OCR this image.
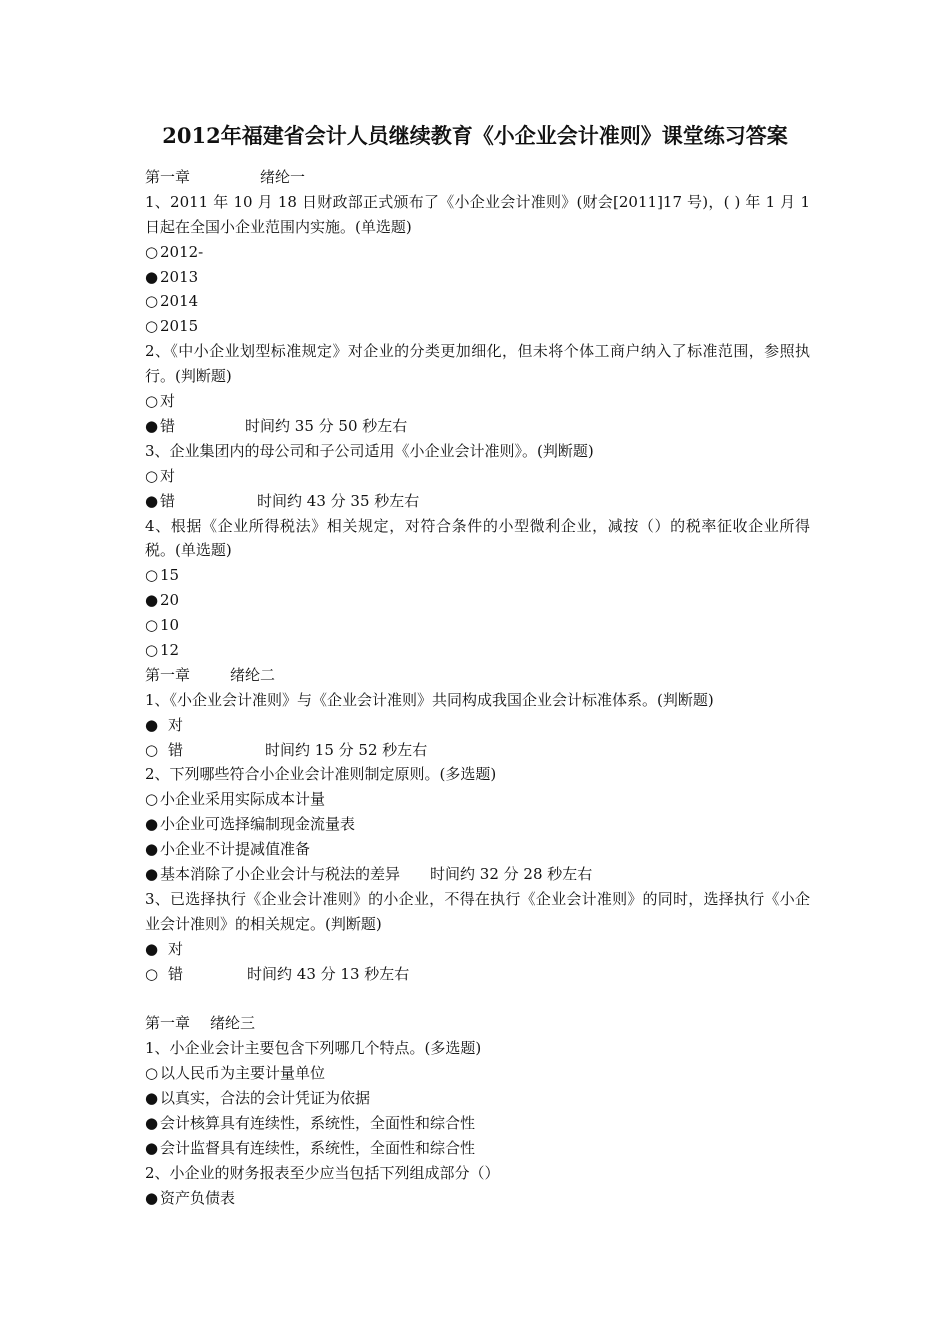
2012年福建省会计人员继续教育《小企业会计准则》课堂练习答案
第一章	绪纶一
1、2011 年 10 月 18 日财政部正式颁布了《小企业会计准则》(财会[2011]17 号)，( ) 年 1 月 1 日起在全国小企业范围内实施。(单选题)
○ 2012-
● 2013
○ 2014
○ 2015
2、《中小企业划型标准规定》对企业的分类更加细化，但未将个体工商户纳入了标准范围，参照执行。(判断题)
○ 对
● 错	时间约 35 分 50 秒左右
3、企业集团内的母公司和子公司适用《小企业会计准则》。(判断题)
○ 对
● 错	时间约 43 分 35 秒左右
4、根据《企业所得税法》相关规定，对符合条件的小型微利企业，减按（）的税率征收企业所得税。(单选题)
○ 15
● 20
○ 10
○ 12
第一章	绪纶二
1、《小企业会计准则》与《企业会计准则》共同构成我国企业会计标准体系。(判断题)
● 对
○ 错	时间约 15 分 52 秒左右
2、下列哪些符合小企业会计准则制定原则。(多选题)
○ 小企业采用实际成本计量
● 小企业可选择编制现金流量表
● 小企业不计提减值准备
● 基本消除了小企业会计与税法的差异 时间约 32 分 28 秒左右
3、已选择执行《企业会计准则》的小企业，不得在执行《企业会计准则》的同时，选择执行《小企业会计准则》的相关规定。(判断题)
● 对
○ 错	时间约 43 分 13 秒左右
第一章 绪纶三
1、小企业会计主要包含下列哪几个特点。(多选题)
○ 以人民币为主要计量单位
● 以真实，合法的会计凭证为依据
● 会计核算具有连续性，系统性，全面性和综合性
● 会计监督具有连续性，系统性，全面性和综合性
2、小企业的财务报表至少应当包括下列组成部分（）
● 资产负债表
